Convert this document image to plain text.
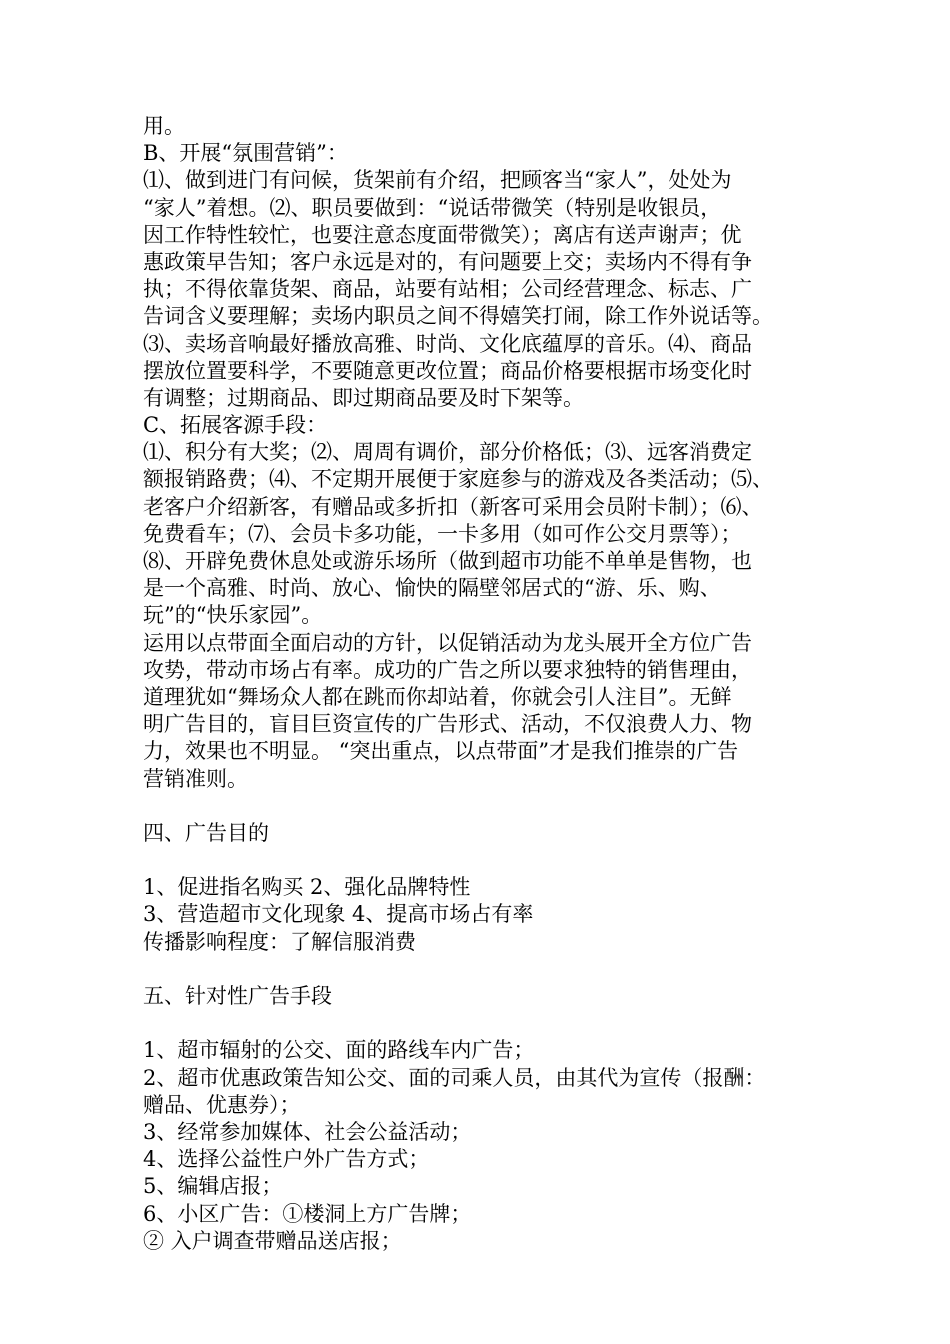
用。
B、开展“氛围营销”：
⑴、做到进门有问候，货架前有介绍，把顾客当“家人”，处处为
“家人”着想。⑵、职员要做到：“说话带微笑（特别是收银员，
因工作特性较忙，也要注意态度面带微笑）；离店有送声谢声；优
惠政策早告知；客户永远是对的，有问题要上交；卖场内不得有争
执；不得依靠货架、商品，站要有站相；公司经营理念、标志、广
告词含义要理解；卖场内职员之间不得嬉笑打闹，除工作外说话等。
⑶、卖场音响最好播放高雅、时尚、文化底蕴厚的音乐。⑷、商品
摆放位置要科学，不要随意更改位置；商品价格要根据市场变化时
有调整；过期商品、即过期商品要及时下架等。
C、拓展客源手段：
⑴、积分有大奖；⑵、周周有调价，部分价格低；⑶、远客消费定
额报销路费；⑷、不定期开展便于家庭参与的游戏及各类活动；⑸、
老客户介绍新客，有赠品或多折扣（新客可采用会员附卡制）；⑹、
免费看车；⑺、会员卡多功能，一卡多用（如可作公交月票等）；
⑻、开辟免费休息处或游乐场所（做到超市功能不单单是售物，也
是一个高雅、时尚、放心、愉快的隔壁邻居式的“游、乐、购、
玩”的“快乐家园”。
运用以点带面全面启动的方针，以促销活动为龙头展开全方位广告
攻势，带动市场占有率。成功的广告之所以要求独特的销售理由，
道理犹如“舞场众人都在跳而你却站着，你就会引人注目”。无鲜
明广告目的，盲目巨资宣传的广告形式、活动，不仅浪费人力、物
力，效果也不明显。 “突出重点，以点带面”才是我们推崇的广告
营销准则。
四、广告目的
1、促进指名购买 2、强化品牌特性
3、营造超市文化现象 4、提高市场占有率
传播影响程度：了解信服消费
五、针对性广告手段
1、超市辐射的公交、面的路线车内广告；
2、超市优惠政策告知公交、面的司乘人员，由其代为宣传（报酬：
赠品、优惠券）；
3、经常参加媒体、社会公益活动；
4、选择公益性户外广告方式；
5、编辑店报；
6、小区广告：①楼洞上方广告牌；
② 入户调查带赠品送店报；
